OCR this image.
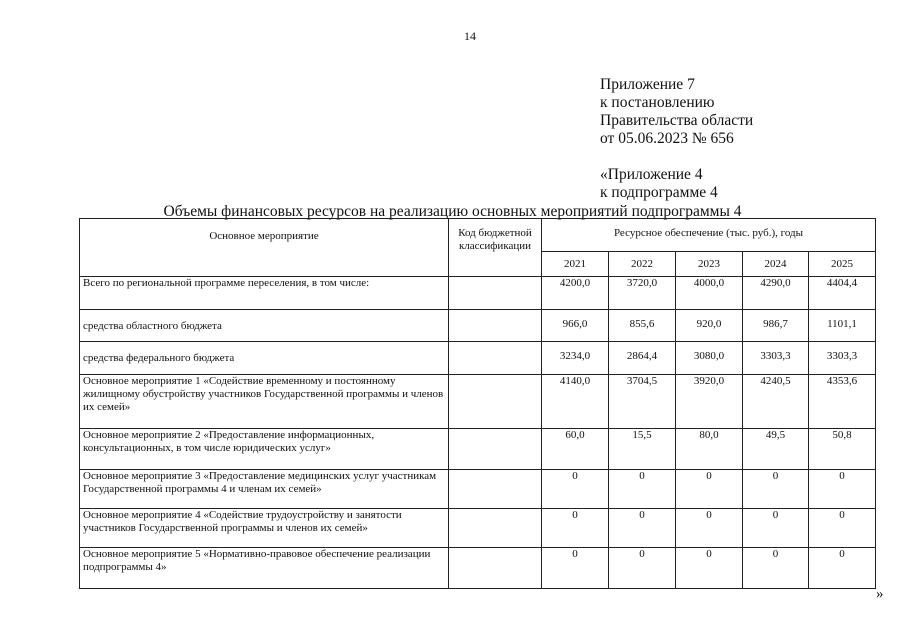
14
Приложение 7
к постановлению
Правительства области
от 05.06.2023 № 656
«Приложение 4
к подпрограмме 4
Объемы финансовых ресурсов на реализацию основных мероприятий подпрограммы 4
Основное мероприятие	Код бюджетной классификации	Ресурсное обеспечение (тыс. руб.), годы				
		2021	2022	2023	2024	2025
Всего по региональной программе переселения, в том числе:		4200,0	3720,0	4000,0	4290,0	4404,4
средства областного бюджета		966,0	855,6	920,0	986,7	1101,1
средства федерального бюджета		3234,0	2864,4	3080,0	3303,3	3303,3
Основное мероприятие 1 «Содействие временному и постоянному жилищному обустройству участников Государственной программы и членов их семей»		4140,0	3704,5	3920,0	4240,5	4353,6
Основное мероприятие 2 «Предоставление информационных, консультационных, в том числе юридических услуг»		60,0	15,5	80,0	49,5	50,8
Основное мероприятие 3 «Предоставление медицинских услуг участникам Государственной программы 4 и членам их семей»		0	0	0	0	0
Основное мероприятие 4 «Содействие трудоустройству и занятости участников Государственной программы и членов их семей»		0	0	0	0	0
Основное мероприятие 5 «Нормативно-правовое обеспечение реализации подпрограммы 4»		0	0	0	0	0
»
